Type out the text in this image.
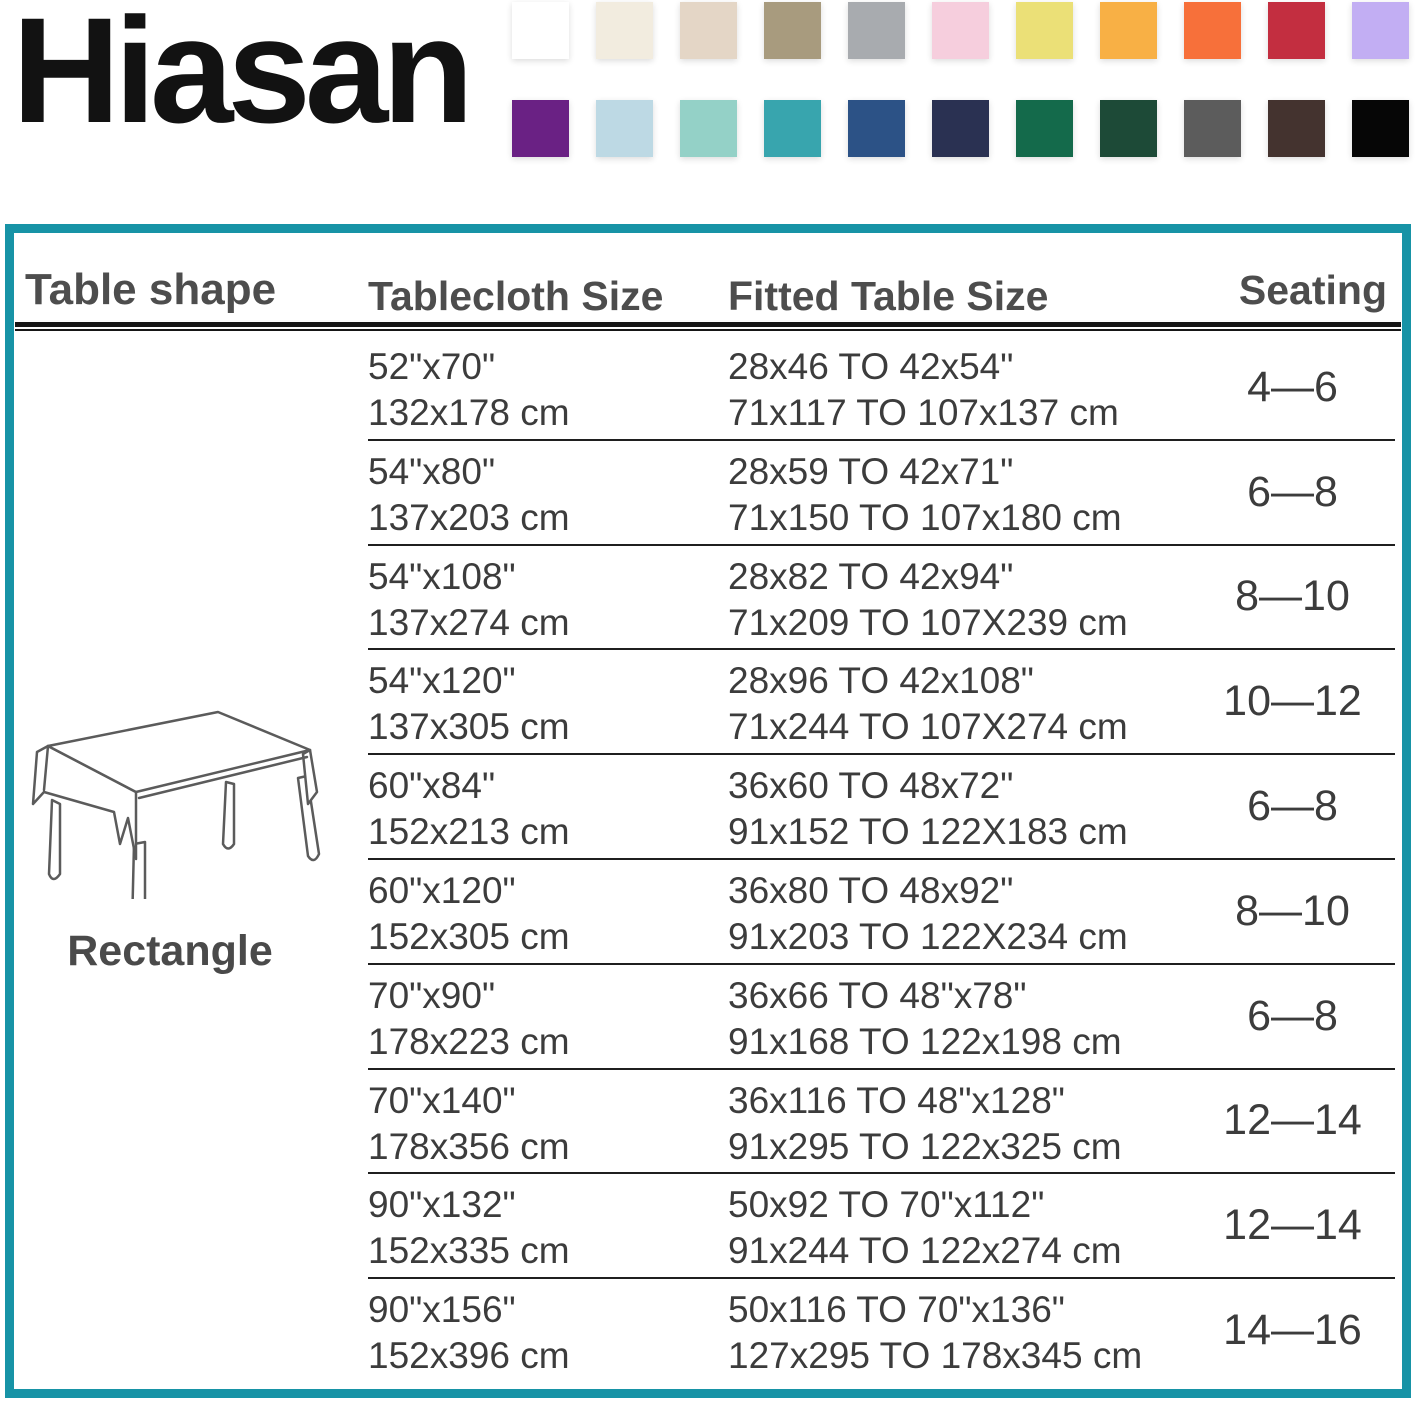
Hiasan
Table shape Tablecloth Size Fitted Table Size	Seating
Rectangle
52"x70"
132x178 cm
28x46 TO 42x54"
71x117 TO 107x137 cm
4—6
54"x80"
137x203 cm
28x59 TO 42x71"
71x150 TO 107x180 cm
6—8
54"x108"
137x274 cm
28x82 TO 42x94"
71x209 TO 107X239 cm
8—10
54"x120"
137x305 cm
28x96 TO 42x108"
71x244 TO 107X274 cm
10—12
60"x84"
152x213 cm
36x60 TO 48x72"
91x152 TO 122X183 cm
6—8
60"x120"
152x305 cm
36x80 TO 48x92"
91x203 TO 122X234 cm
8—10
70"x90"
178x223 cm
36x66 TO 48"x78"
91x168 TO 122x198 cm
6—8
70"x140"
178x356 cm
36x116 TO 48"x128"
91x295 TO 122x325 cm
12—14
90"x132"
152x335 cm
50x92 TO 70"x112"
91x244 TO 122x274 cm
12—14
90"x156"
152x396 cm
50x116 TO 70"x136"
127x295 TO 178x345 cm
14—16
